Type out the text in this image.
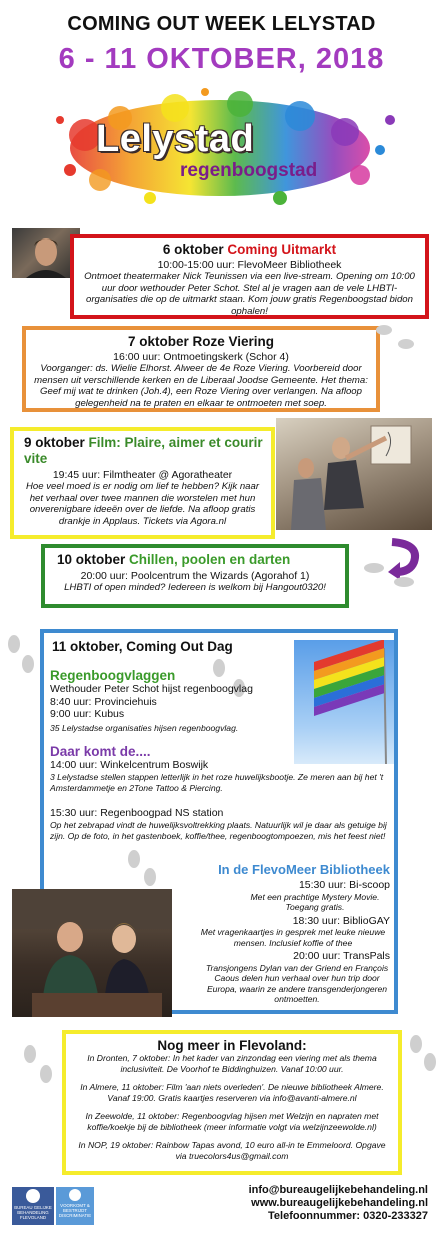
COMING OUT WEEK LELYSTAD
6 - 11 OKTOBER, 2018
Lelystad
regenboogstad
6 oktober Coming Uitmarkt
10:00-15:00 uur: FlevoMeer Bibliotheek
Ontmoet theatermaker Nick Teunissen via een live-stream. Opening om 10:00 uur door wethouder Peter Schot. Stel al je vragen aan de vele LHBTI-organisaties die op de uitmarkt staan. Kom jouw gratis Regenboogstad bidon ophalen!
7 oktober Roze Viering
16:00 uur: Ontmoetingskerk (Schor 4)
Voorganger: ds. Wielie Elhorst. Alweer de 4e Roze Viering. Voorbereid door mensen uit verschillende kerken en de Liberaal Joodse Gemeente. Het thema: Geef mij wat te drinken (Joh.4), een Roze Viering over verlangen. Na afloop gelegenheid na te praten en elkaar te ontmoeten met soep.
9 oktober Film: Plaire, aimer et courir vite
19:45 uur: Filmtheater @ Agoratheater
Hoe veel moed is er nodig om lief te hebben? Kijk naar het verhaal over twee mannen die worstelen met hun onverenigbare ideeën over de liefde. Na afloop gratis drankje in Applaus. Tickets via Agora.nl
10 oktober Chillen, poolen en darten
20:00 uur: Poolcentrum the Wizards (Agorahof 1)
LHBTI of open minded? Iedereen is welkom bij Hangout0320!
11 oktober, Coming Out Dag
Regenboogvlaggen
Wethouder Peter Schot hijst regenboogvlag
8:40 uur: Provinciehuis
9:00 uur: Kubus
35 Lelystadse organisaties hijsen regenboogvlag.
Daar komt de....
14:00 uur: Winkelcentrum Boswijk
3 Lelystadse stellen stappen letterlijk in het roze huwelijksbootje. Ze meren aan bij het 't Amsterdammetje en 2Tone Tattoo & Piercing.
15:30 uur: Regenboogpad NS station
Op het zebrapad vindt de huwelijksvoltrekking plaats. Natuurlijk wil je daar als getuige bij zijn. Op de foto, in het gastenboek, koffie/thee, regenboogtompoezen, mis het feest niet!
In de FlevoMeer Bibliotheek
15:30 uur: Bi-scoop
Met een prachtige Mystery Movie. Toegang gratis.
18:30 uur: BiblioGAY
Met vragenkaartjes in gesprek met leuke nieuwe mensen. Inclusief koffie of thee
20:00 uur: TransPals
Transjongens Dylan van der Griend en François Caous delen hun verhaal over hun trip door Europa, waarin ze andere transgenderjongeren ontmoetten.
Nog meer in Flevoland:
In Dronten, 7 oktober: In het kader van zinzondag een viering met als thema inclusiviteit. De Voorhof te Biddinghuizen. Vanaf 10:00 uur.
In Almere, 11 oktober: Film 'aan niets overleden'. De nieuwe bibliotheek Almere. Vanaf 19:00. Gratis kaartjes reserveren via info@avanti-almere.nl
In Zeewolde, 11 oktober: Regenboogvlag hijsen met Welzijn en napraten met koffie/koekje bij de bibliotheek (meer informatie volgt via welzijnzeewolde.nl)
In NOP, 19 oktober: Rainbow Tapas avond, 10 euro all-in te Emmeloord. Opgave via truecolors4us@gmail.com
BUREAU GELIJKE BEHANDELING FLEVOLAND
VOORKOMT & BESTRIJDT DISCRIMINATIE
info@bureaugelijkebehandeling.nl
www.bureaugelijkebehandeling.nl
Telefoonnummer: 0320-233327
